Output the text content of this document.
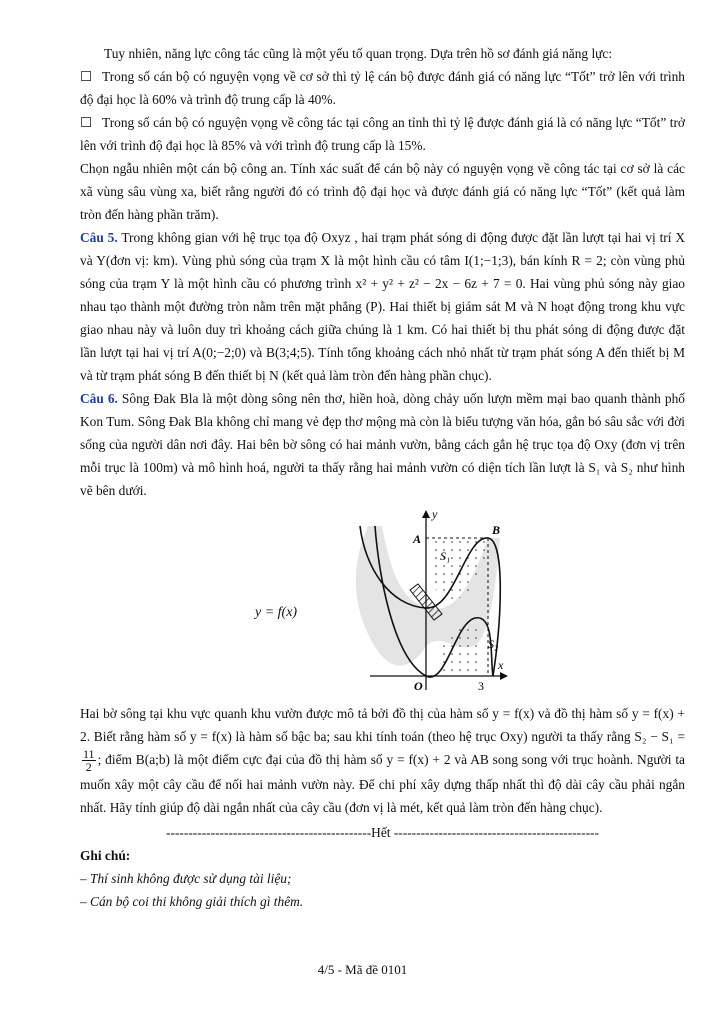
Tuy nhiên, năng lực công tác cũng là một yếu tố quan trọng. Dựa trên hồ sơ đánh giá năng lực:

☐ Trong số cán bộ có nguyện vọng về cơ sở thì tỷ lệ cán bộ được đánh giá có năng lực “Tốt” trở lên với trình độ đại học là 60% và trình độ trung cấp là 40%.

☐ Trong số cán bộ có nguyện vọng về công tác tại công an tỉnh thì tỷ lệ được đánh giá là có năng lực “Tốt” trở lên với trình độ đại học là 85% và với trình độ trung cấp là 15%.

Chọn ngẫu nhiên một cán bộ công an. Tính xác suất để cán bộ này có nguyện vọng về công tác tại cơ sở là các xã vùng sâu vùng xa, biết rằng người đó có trình độ đại học và được đánh giá có năng lực “Tốt” (kết quả làm tròn đến hàng phần trăm).

Câu 5. Trong không gian với hệ trục tọa độ Oxyz , hai trạm phát sóng di động được đặt lần lượt tại hai vị trí X và Y(đơn vị: km). Vùng phủ sóng của trạm X là một hình cầu có tâm I(1;−1;3), bán kính R = 2; còn vùng phủ sóng của trạm Y là một hình cầu có phương trình x² + y² + z² − 2x − 6z + 7 = 0. Hai vùng phủ sóng này giao nhau tạo thành một đường tròn nằm trên mặt phẳng (P). Hai thiết bị giám sát M và N hoạt động trong khu vực giao nhau này và luôn duy trì khoảng cách giữa chúng là 1 km. Có hai thiết bị thu phát sóng di động được đặt lần lượt tại hai vị trí A(0;−2;0) và B(3;4;5). Tính tổng khoảng cách nhỏ nhất từ trạm phát sóng A đến thiết bị M và từ trạm phát sóng B đến thiết bị N (kết quả làm tròn đến hàng phần chục).

Câu 6. Sông Đak Bla là một dòng sông nên thơ, hiền hoà, dòng chảy uốn lượn mềm mại bao quanh thành phố Kon Tum. Sông Đak Bla không chỉ mang vẻ đẹp thơ mộng mà còn là biểu tượng văn hóa, gắn bó sâu sắc với đời sống của người dân nơi đây. Hai bên bờ sông có hai mảnh vườn, bằng cách gắn hệ trục tọa độ Oxy (đơn vị trên mỗi trục là 100m) và mô hình hoá, người ta thấy rằng hai mảnh vườn có diện tích lần lượt là S₁ và S₂ như hình vẽ bên dưới.

y = f(x)
A
B
y
x
O	3
S₁
S₂

Hai bờ sông tại khu vực quanh khu vườn được mô tả bởi đồ thị của hàm số y = f(x) và đồ thị hàm số y = f(x) + 2. Biết rằng hàm số y = f(x) là hàm số bậc ba; sau khi tính toán (theo hệ trục Oxy) người ta thấy rằng S₂ − S₁ =
$\frac{11}{2}$ ; điểm B(a;b) là một điểm cực đại của đồ thị hàm số y = f(x) + 2 và AB song song với trục hoành. Người ta muốn xây một cây cầu để nối hai mảnh vườn này. Để chi phí xây dựng thấp nhất thì độ dài cây cầu phải ngắn nhất. Hãy tính giúp độ dài ngắn nhất của cây cầu (đơn vị là mét, kết quả làm tròn đến hàng chục).

----------------------------------------------Hết ----------------------------------------------

Ghi chú:

– Thí sinh không được sử dụng tài liệu;

– Cán bộ coi thi không giải thích gì thêm.

4/5 - Mã đề 0101
